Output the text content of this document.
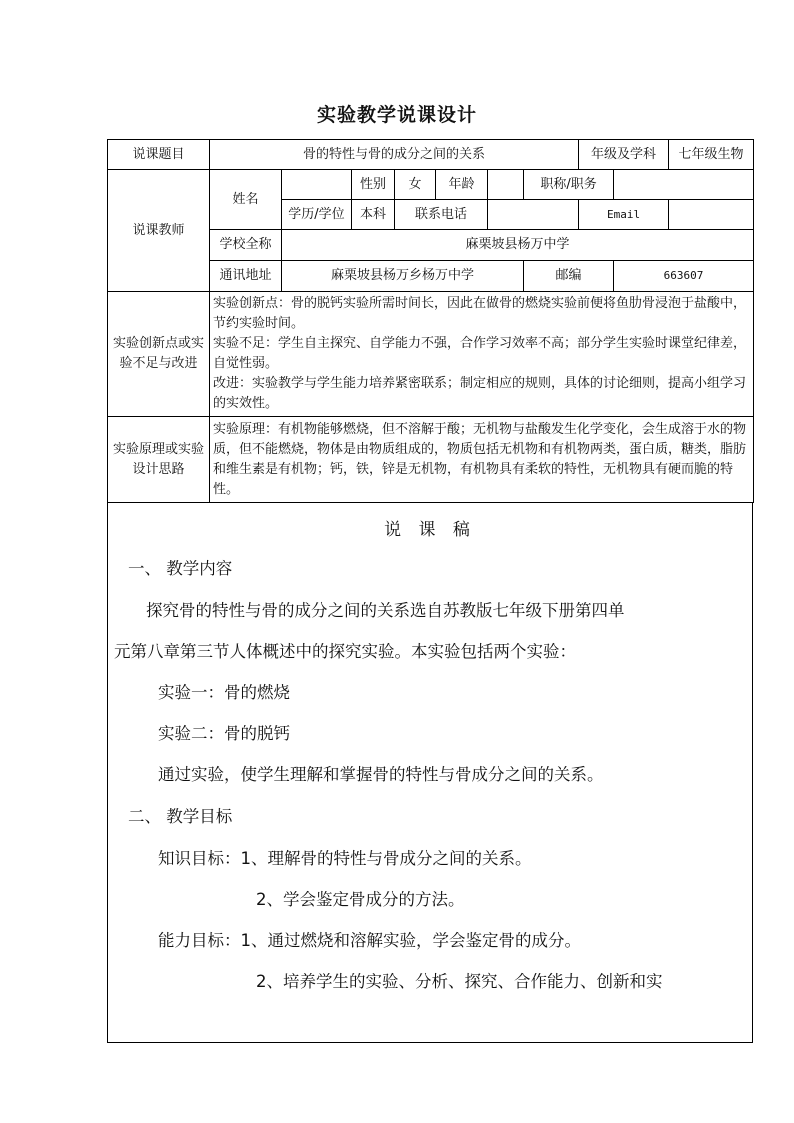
实验教学说课设计
说课题目	骨的特性与骨的成分之间的关系							年级及学科		七年级生物
说课教师	姓名		性别	女	年龄		职称/职务			
		学历/学位	本科	联系电话				Email		
	学校全称	麻栗坡县杨万中学								
	通讯地址	麻栗坡县杨万乡杨万中学					邮编		663607	
实验创新点或实验不足与改进	实验创新点：骨的脱钙实验所需时间长，因此在做骨的燃烧实验前便将鱼肋骨浸泡于盐酸中，节约实验时间。
实验不足：学生自主探究、自学能力不强，合作学习效率不高；部分学生实验时课堂纪律差，自觉性弱。
改进：实验教学与学生能力培养紧密联系；制定相应的规则，具体的讨论细则，提高小组学习的实效性。									

实验原理或实验设计思路	实验原理：有机物能够燃烧，但不溶解于酸；无机物与盐酸发生化学变化，会生成溶于水的物质，但不能燃烧，物体是由物质组成的，物质包括无机物和有机物两类，蛋白质，糖类，脂肪和维生素是有机物；钙，铁，锌是无机物，有机物具有柔软的特性，无机物具有硬而脆的特性。									
说 课 稿
一、 教学内容
探究骨的特性与骨的成分之间的关系选自苏教版七年级下册第四单
元第八章第三节人体概述中的探究实验。本实验包括两个实验：
实验一：骨的燃烧
实验二：骨的脱钙
通过实验，使学生理解和掌握骨的特性与骨成分之间的关系。
二、 教学目标
知识目标：1、理解骨的特性与骨成分之间的关系。
2、学会鉴定骨成分的方法。
能力目标：1、通过燃烧和溶解实验，学会鉴定骨的成分。
2、培养学生的实验、分析、探究、合作能力、创新和实
